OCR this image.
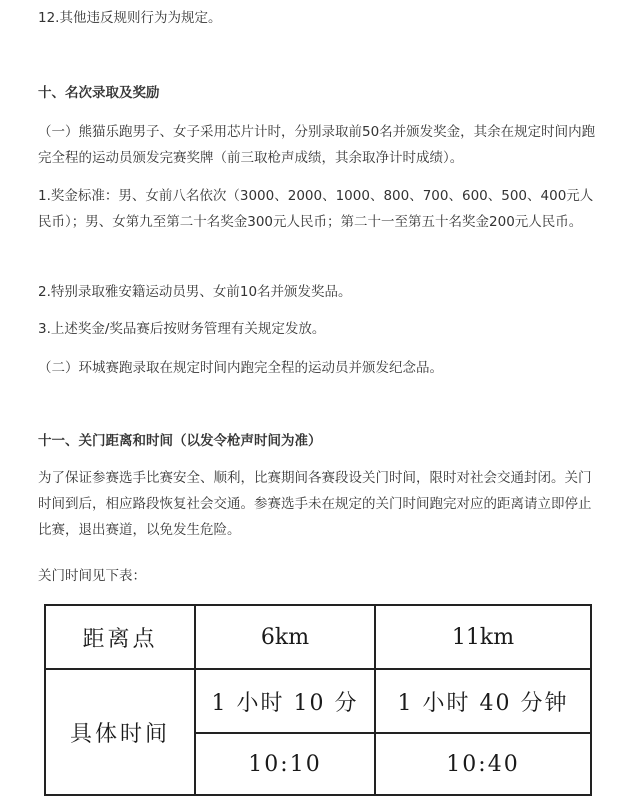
12.其他违反规则行为为规定。

十、名次录取及奖励

（一）熊猫乐跑男子、女子采用芯片计时，分别录取前50名并颁发奖金，其余在规定时间内跑完全程的运动员颁发完赛奖牌（前三取枪声成绩，其余取净计时成绩）。

1.奖金标准：男、女前八名依次（3000、2000、1000、800、700、600、500、400元人民币）；男、女第九至第二十名奖金300元人民币；第二十一至第五十名奖金200元人民币。

2.特别录取雅安籍运动员男、女前10名并颁发奖品。

3.上述奖金/奖品赛后按财务管理有关规定发放。

（二）环城赛跑录取在规定时间内跑完全程的运动员并颁发纪念品。

十一、关门距离和时间（以发令枪声时间为准）

为了保证参赛选手比赛安全、顺利，比赛期间各赛段设关门时间，限时对社会交通封闭。关门时间到后，相应路段恢复社会交通。参赛选手未在规定的关门时间跑完对应的距离请立即停止比赛，退出赛道，以免发生危险。

关门时间见下表：

距离点	6km	11km
具体时间	1 小时 10 分	1 小时 40 分钟
	10:10	10:40
